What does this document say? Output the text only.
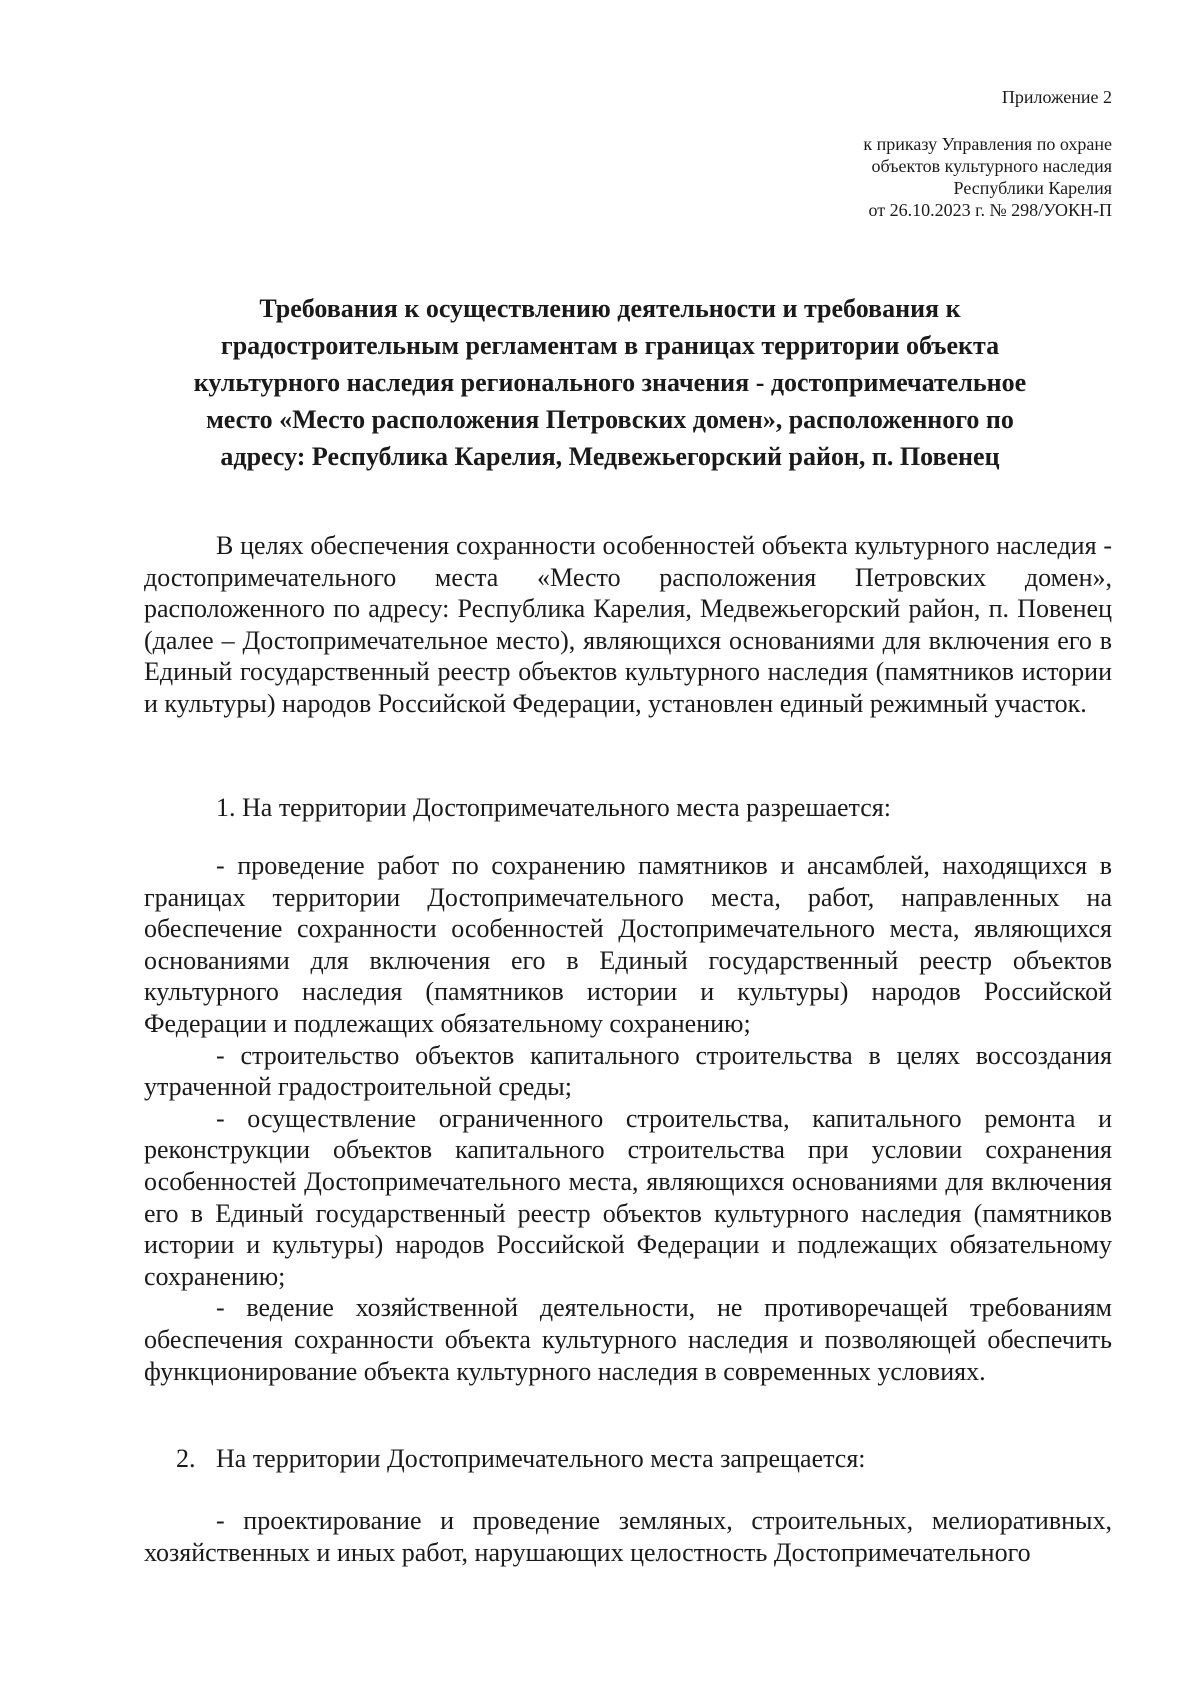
Приложение 2
к приказу Управления по охране
объектов культурного наследия
Республики Карелия
от 26.10.2023 г. № 298/УОКН-П
Требования к осуществлению деятельности и требования к
градостроительным регламентам в границах территории объекта
культурного наследия регионального значения - достопримечательное
место «Место расположения Петровских домен», расположенного по
адресу: Республика Карелия, Медвежьегорский район, п. Повенец

В целях обеспечения сохранности особенностей объекта культурного наследия - достопримечательного места «Место расположения Петровских домен», расположенного по адресу: Республика Карелия, Медвежьегорский район, п. Повенец (далее – Достопримечательное место), являющихся основаниями для включения его в Единый государственный реестр объектов культурного наследия (памятников истории и культуры) народов Российской Федерации, установлен единый режимный участок.

1. На территории Достопримечательного места разрешается:

- проведение работ по сохранению памятников и ансамблей, находящихся в границах территории Достопримечательного места, работ, направленных на обеспечение сохранности особенностей Достопримечательного места, являющихся основаниями для включения его в Единый государственный реестр объектов культурного наследия (памятников истории и культуры) народов Российской Федерации и подлежащих обязательному сохранению;

- строительство объектов капитального строительства в целях воссоздания утраченной градостроительной среды;

- осуществление ограниченного строительства, капитального ремонта и реконструкции объектов капитального строительства при условии сохранения особенностей Достопримечательного места, являющихся основаниями для включения его в Единый государственный реестр объектов культурного наследия (памятников истории и культуры) народов Российской Федерации и подлежащих обязательному сохранению;

- ведение хозяйственной деятельности, не противоречащей требованиям обеспечения сохранности объекта культурного наследия и позволяющей обеспечить функционирование объекта культурного наследия в современных условиях.

2. На территории Достопримечательного места запрещается:

- проектирование и проведение земляных, строительных, мелиоративных, хозяйственных и иных работ, нарушающих целостность Достопримечательного
